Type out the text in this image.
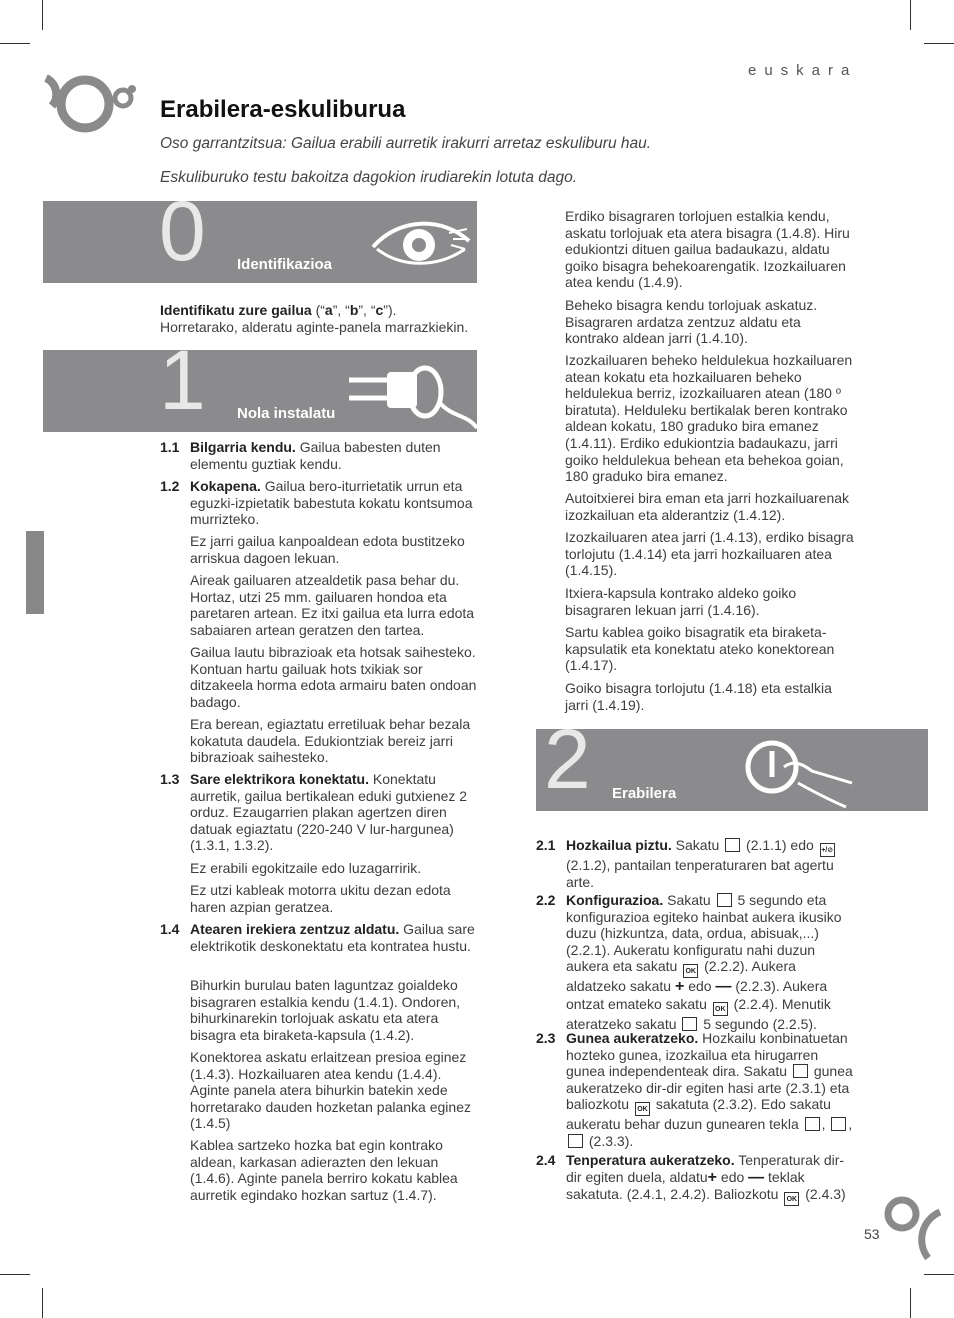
euskara
Erabilera-eskuliburua

Oso garrantzitsua: Gailua erabili aurretik irakurri arretaz eskuliburu hau.

Eskuliburuko testu bakoitza dagokion irudiarekin lotuta dago.

0 Identifikazioa

Identifikatu zure gailua (“a”, “b”, “c”).
Horretarako, alderatu aginte-panela marrazkiekin.

1 Nola instalatu
1.1 Bilgarria kendu. Gailua babesten duten elementu guztiak kendu.
1.2 Kokapena. Gailua bero-iturrietatik urrun eta eguzki-izpietatik babestuta kokatu kontsumoa murrizteko.

Ez jarri gailua kanpoaldean edota bustitzeko arriskua dagoen lekuan.

Aireak gailuaren atzealdetik pasa behar du. Hortaz, utzi 25 mm. gailuaren hondoa eta paretaren artean. Ez itxi gailua eta lurra edota sabaiaren artean geratzen den tartea.

Gailua lautu bibrazioak eta hotsak saihesteko. Kontuan hartu gailuak hots txikiak sor ditzakeela horma edota armairu baten ondoan badago.

Era berean, egiaztatu erretiluak behar bezala kokatuta daudela. Edukiontziak bereiz jarri bibrazioak saihesteko.

1.3 Sare elektrikora konektatu. Konektatu aurretik, gailua bertikalean eduki gutxienez 2 orduz. Ezaugarrien plakan agertzen diren datuak egiaztatu (220-240 V lur-hargunea) (1.3.1, 1.3.2).

Ez erabili egokitzaile edo luzagarririk.

Ez utzi kableak motorra ukitu dezan edota haren azpian geratzea.

1.4 Atearen irekiera zentzuz aldatu. Gailua sare elektrikotik deskonektatu eta kontratea hustu.

Bihurkin burulau baten laguntzaz goialdeko bisagraren estalkia kendu (1.4.1). Ondoren, bihurkinarekin torlojuak askatu eta atera bisagra eta biraketa-kapsula (1.4.2).

Konektorea askatu erlaitzean presioa eginez (1.4.3). Hozkailuaren atea kendu (1.4.4). Aginte panela atera bihurkin batekin xede horretarako dauden hozketan palanka eginez (1.4.5)

Kablea sartzeko hozka bat egin kontrako aldean, karkasan adierazten den lekuan (1.4.6). Aginte panela berriro kokatu kablea aurretik egindako hozkan sartuz (1.4.7).

Erdiko bisagraren torlojuen estalkia kendu, askatu torlojuak eta atera bisagra (1.4.8). Hiru edukiontzi dituen gailua badaukazu, aldatu goiko bisagra behekoarengatik. Izozkailuaren atea kendu (1.4.9).

Beheko bisagra kendu torlojuak askatuz. Bisagraren ardatza zentzuz aldatu eta kontrako aldean jarri (1.4.10).

Izozkailuaren beheko heldulekua hozkailuaren atean kokatu eta hozkailuaren beheko heldulekua berriz, izozkailuaren atean (180 º biratuta). Helduleku bertikalak beren kontrako aldean kokatu, 180 graduko bira emanez (1.4.11). Erdiko edukiontzia badaukazu, jarri goiko heldulekua behean eta behekoa goian, 180 graduko bira emanez.

Autoitxierei bira eman eta jarri hozkailuarenak izozkailuan eta alderantziz (1.4.12).

Izozkailuaren atea jarri (1.4.13), erdiko bisagra torlojutu (1.4.14) eta jarri hozkailuaren atea (1.4.15).

Itxiera-kapsula kontrako aldeko goiko bisagraren lekuan jarri (1.4.16).

Sartu kablea goiko bisagratik eta biraketa-kapsulatik eta konektatu ateko konektorean (1.4.17).

Goiko bisagra torlojutu (1.4.18) eta estalkia jarri (1.4.19).

2 Erabilera
2.1 Hozkailua piztu. Sakatu  (2.1.1) edo +/⊘ (2.1.2), pantailan tenperaturaren bat agertu arte.
2.2 Konfigurazioa. Sakatu  5 segundo eta konfigurazioa egiteko hainbat aukera ikusiko duzu (hizkuntza, data, ordua, abisuak,...) (2.2.1). Aukeratu konfiguratu nahi duzun aukera eta sakatu OK (2.2.2). Aukera aldatzeko sakatu + edo — (2.2.3). Aukera ontzat emateko sakatu OK (2.2.4). Menutik ateratzeko sakatu  5 segundo (2.2.5).
2.3 Gunea aukeratzeko. Hozkailu konbinatuetan hozteko gunea, izozkailua eta hirugarren gunea independenteak dira. Sakatu  gunea aukeratzeko dir-dir egiten hasi arte (2.3.1) eta baliozkotu OK sakatuta (2.3.2). Edo sakatu aukeratu behar duzun gunearen tekla , ,  (2.3.3).
2.4 Tenperatura aukeratzeko. Tenperaturak dir-dir egiten duela, aldatu+ edo — teklak sakatuta. (2.4.1, 2.4.2). Baliozkotu OK (2.4.3)
53
